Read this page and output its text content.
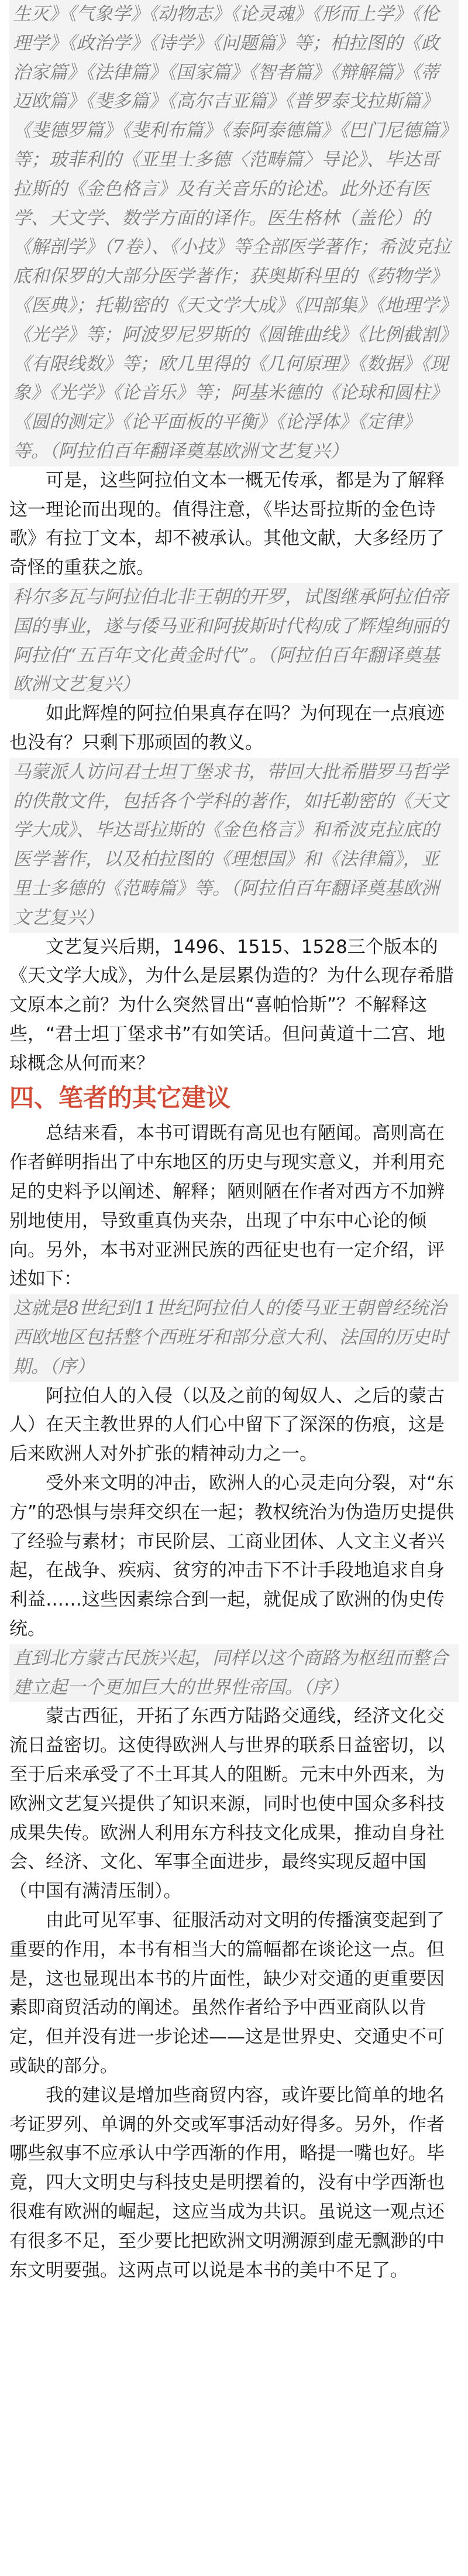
生灭》《气象学》《动物志》《论灵魂》《形而上学》《伦理学》《政治学》《诗学》《问题篇》等；柏拉图的《政治家篇》《法律篇》《国家篇》《智者篇》《辩解篇》《蒂迈欧篇》《斐多篇》《高尔吉亚篇》《普罗泰戈拉斯篇》《斐德罗篇》《斐利布篇》《泰阿泰德篇》《巴门尼德篇》等；玻菲利的《亚里士多德〈范畴篇〉导论》、毕达哥拉斯的《金色格言》及有关音乐的论述。此外还有医学、天文学、数学方面的译作。医生格林（盖伦）的《解剖学》（7卷）、《小技》等全部医学著作；希波克拉底和保罗的大部分医学著作；获奥斯科里的《药物学》《医典》；托勒密的《天文学大成》《四部集》《地理学》《光学》等；阿波罗尼罗斯的《圆锥曲线》《比例截割》《有限线数》等；欧几里得的《几何原理》《数据》《现象》《光学》《论音乐》等；阿基米德的《论球和圆柱》《圆的测定》《论平面板的平衡》《论浮体》《定律》等。（阿拉伯百年翻译奠基欧洲文艺复兴）
可是，这些阿拉伯文本一概无传承，都是为了解释这一理论而出现的。值得注意，《毕达哥拉斯的金色诗歌》有拉丁文本，却不被承认。其他文献，大多经历了奇怪的重获之旅。
科尔多瓦与阿拉伯北非王朝的开罗，试图继承阿拉伯帝国的事业，遂与倭马亚和阿拔斯时代构成了辉煌绚丽的阿拉伯“五百年文化黄金时代”。（阿拉伯百年翻译奠基欧洲文艺复兴）
如此辉煌的阿拉伯果真存在吗？为何现在一点痕迹也没有？只剩下那顽固的教义。
马蒙派人访问君士坦丁堡求书，带回大批希腊罗马哲学的佚散文件，包括各个学科的著作，如托勒密的《天文学大成》、毕达哥拉斯的《金色格言》和希波克拉底的医学著作，以及柏拉图的《理想国》和《法律篇》，亚里士多德的《范畴篇》等。（阿拉伯百年翻译奠基欧洲文艺复兴）
文艺复兴后期，1496、1515、1528三个版本的《天文学大成》，为什么是层累伪造的？为什么现存希腊文原本之前？为什么突然冒出“喜帕恰斯”？不解释这些，“君士坦丁堡求书”有如笑话。但问黄道十二宫、地球概念从何而来？
四、笔者的其它建议
总结来看，本书可谓既有高见也有陋闻。高则高在作者鲜明指出了中东地区的历史与现实意义，并利用充足的史料予以阐述、解释；陋则陋在作者对西方不加辨别地使用，导致重真伪夹杂，出现了中东中心论的倾向。另外，本书对亚洲民族的西征史也有一定介绍，评述如下：
这就是8世纪到11世纪阿拉伯人的倭马亚王朝曾经统治西欧地区包括整个西班牙和部分意大利、法国的历史时期。（序）
阿拉伯人的入侵（以及之前的匈奴人、之后的蒙古人）在天主教世界的人们心中留下了深深的伤痕，这是后来欧洲人对外扩张的精神动力之一。
受外来文明的冲击，欧洲人的心灵走向分裂，对“东方”的恐惧与崇拜交织在一起；教权统治为伪造历史提供了经验与素材；市民阶层、工商业团体、人文主义者兴起，在战争、疾病、贫穷的冲击下不计手段地追求自身利益……这些因素综合到一起，就促成了欧洲的伪史传统。
直到北方蒙古民族兴起，同样以这个商路为枢纽而整合建立起一个更加巨大的世界性帝国。（序）
蒙古西征，开拓了东西方陆路交通线，经济文化交流日益密切。这使得欧洲人与世界的联系日益密切，以至于后来承受了不土耳其人的阻断。元末中外西来，为欧洲文艺复兴提供了知识来源，同时也使中国众多科技成果失传。欧洲人利用东方科技文化成果，推动自身社会、经济、文化、军事全面进步，最终实现反超中国（中国有满清压制）。
由此可见军事、征服活动对文明的传播演变起到了重要的作用，本书有相当大的篇幅都在谈论这一点。但是，这也显现出本书的片面性，缺少对交通的更重要因素即商贸活动的阐述。虽然作者给予中西亚商队以肯定，但并没有进一步论述——这是世界史、交通史不可或缺的部分。
我的建议是增加些商贸内容，或许要比简单的地名考证罗列、单调的外交或军事活动好得多。另外，作者哪些叙事不应承认中学西渐的作用，略提一嘴也好。毕竟，四大文明史与科技史是明摆着的，没有中学西渐也很难有欧洲的崛起，这应当成为共识。虽说这一观点还有很多不足，至少要比把欧洲文明溯源到虚无飘渺的中东文明要强。这两点可以说是本书的美中不足了。
